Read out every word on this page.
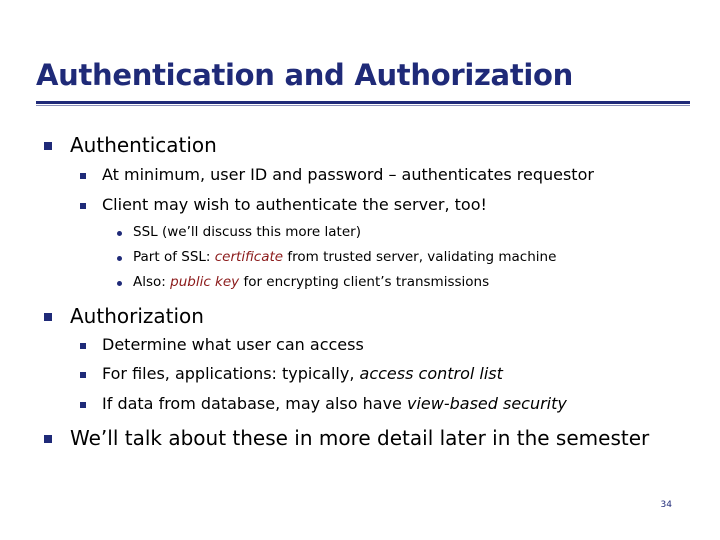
Authentication and Authorization
Authentication
At minimum, user ID and password – authenticates requestor
Client may wish to authenticate the server, too!
SSL (we’ll discuss this more later)
Part of SSL: certificate from trusted server, validating machine
Also: public key for encrypting client’s transmissions
Authorization
Determine what user can access
For files, applications: typically, access control list
If data from database, may also have view-based security
We’ll talk about these in more detail later in the semester
34
